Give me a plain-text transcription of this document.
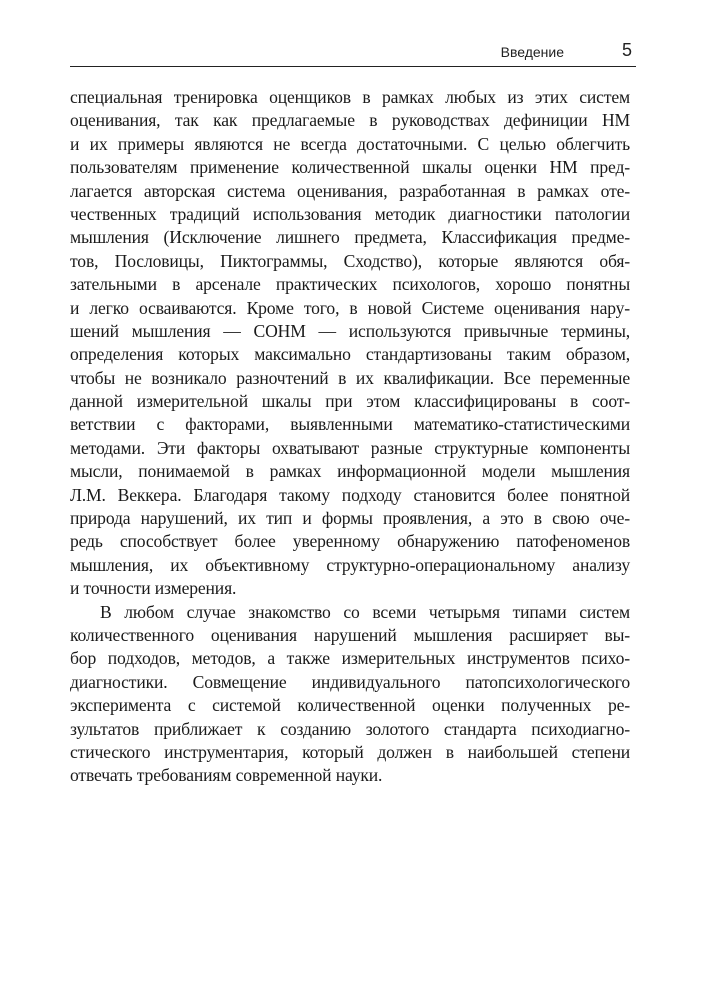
Введение	5
специальная тренировка оценщиков в рамках любых из этих систем
оценивания, так как предлагаемые в руководствах дефиниции НМ
и их примеры являются не всегда достаточными. С целью облегчить
пользователям применение количественной шкалы оценки НМ пред-
лагается авторская система оценивания, разработанная в рамках оте-
чественных традиций использования методик диагностики патологии
мышления (Исключение лишнего предмета, Классификация предме-
тов, Пословицы, Пиктограммы, Сходство), которые являются обя-
зательными в арсенале практических психологов, хорошо понятны
и легко осваиваются. Кроме того, в новой Системе оценивания нару-
шений мышления — СОНМ — используются привычные термины,
определения которых максимально стандартизованы таким образом,
чтобы не возникало разночтений в их квалификации. Все переменные
данной измерительной шкалы при этом классифицированы в соот-
ветствии с факторами, выявленными математико-статистическими
методами. Эти факторы охватывают разные структурные компоненты
мысли, понимаемой в рамках информационной модели мышления
Л.М. Веккера. Благодаря такому подходу становится более понятной
природа нарушений, их тип и формы проявления, а это в свою оче-
редь способствует более уверенному обнаружению патофеноменов
мышления, их объективному структурно-операциональному анализу
и точности измерения.
В любом случае знакомство со всеми четырьмя типами систем
количественного оценивания нарушений мышления расширяет вы-
бор подходов, методов, а также измерительных инструментов психо-
диагностики. Совмещение индивидуального патопсихологического
эксперимента с системой количественной оценки полученных ре-
зультатов приближает к созданию золотого стандарта психодиагно-
стического инструментария, который должен в наибольшей степени
отвечать требованиям современной науки.
